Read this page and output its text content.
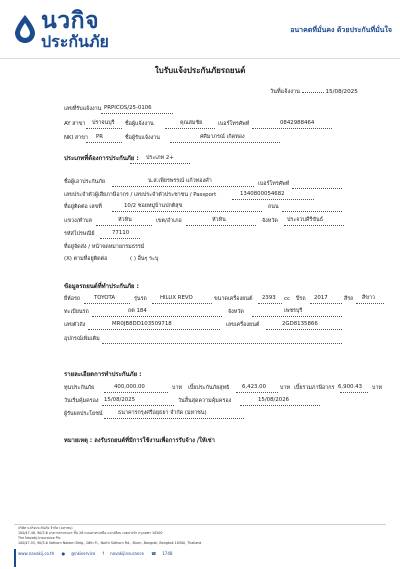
นวกิจ
ประกันภัย
อนาคตที่มั่นคง ด้วยประกันที่มั่นใจ
ใบรับแจ้งประกันภัยรถยนต์
วันที่แจ้งงาน	15/08/2025
เลขที่รับแจ้งงาน PRPICOS/25-0106
AY สาขา ปราจนบุรี ชื่อผู้แจ้งงาน	คุณสมชัย	เบอร์โทรศัพท์	0842988464
NKI สาขา PR	ชื่อผู้รับแจ้งงาน	ศศิมาภรณ์ เกิดทอง
ประเภทที่ต้องการประกันภัย : ประเภท 2+
ชื่อผู้เอาประกันภัย	น.ส.เพียรพรรณ์ แก้วทองคำ	เบอร์โทรศัพท์
เลขประจำตัวผู้เสียภาษีอากร / เลขประจำตัวประชาชน / Passport	1340800054682
ที่อยู่ติดต่อ เลขที่	10/2 ซอยหมู่บ้านปกติสุข	ถนน
แขวง/ตำบล	หัวหิน	เขต/อำเภอ	หัวหิน	จังหวัด ประจวบคีรีขันธ์
รหัสไปรษณีย์	77110
ที่อยู่จัดส่ง / หน้าจดหมายกรมธรรม์
(X) ตามที่อยู่ติดต่อ	( ) อื่นๆ ระบุ
ข้อมูลรถยนต์ที่ทำประกันภัย :
ยี่ห้อรถ	TOYOTA	รุ่นรถ HILUX REVO	ขนาดเครื่องยนต์ 2393 cc ปีรถ 2017	สีรถ สีขาว
ทะเบียนรถ	ถต 184	จังหวัด	เพชรบุรี
เลขตัวถัง	MR0JB8DD103509718	เลขเครื่องยนต์	2GD8135866
อุปกรณ์เพิ่มเติม
รายละเอียดการทำประกันภัย :
ทุนประกันภัย	400,000.00	บาท เบี้ยประกันภัยสุทธิ 6,423.00	บาท เบี้ยรวมภาษีอากร 6,900.43 บาท
วันเริ่มคุ้มครอง 15/08/2025	วันสิ้นสุดความคุ้มครอง	15/08/2026
ผู้รับผลประโยชน์	ธนาคารกรุงศรีอยุธยา จำกัด (มหาชน)
หมายเหตุ : ลงรับรถยนต์ที่มีการใช้งานเพื่อการรับจ้าง /ให้เช่า
บริษัท นวกิจประกันภัย จำกัด (มหาชน)
100/47-48, 90/3-6 อาคารสาทรนคร ชั้น 26 ถนนสาทรเหนือ แขวงสีลม เขตบางรัก กรุงเทพฯ 10500
The Navakij Insurance Plc.
100/47-55, 90/3-6 Sathorn Nakorn Bldg., 26th Fl., North Sathorn Rd., Silom, Bangrak, Bangkok 10500, Thailand
www.navakij.co.th ● @nkiservice f navakijinsurance ☎ 1748
